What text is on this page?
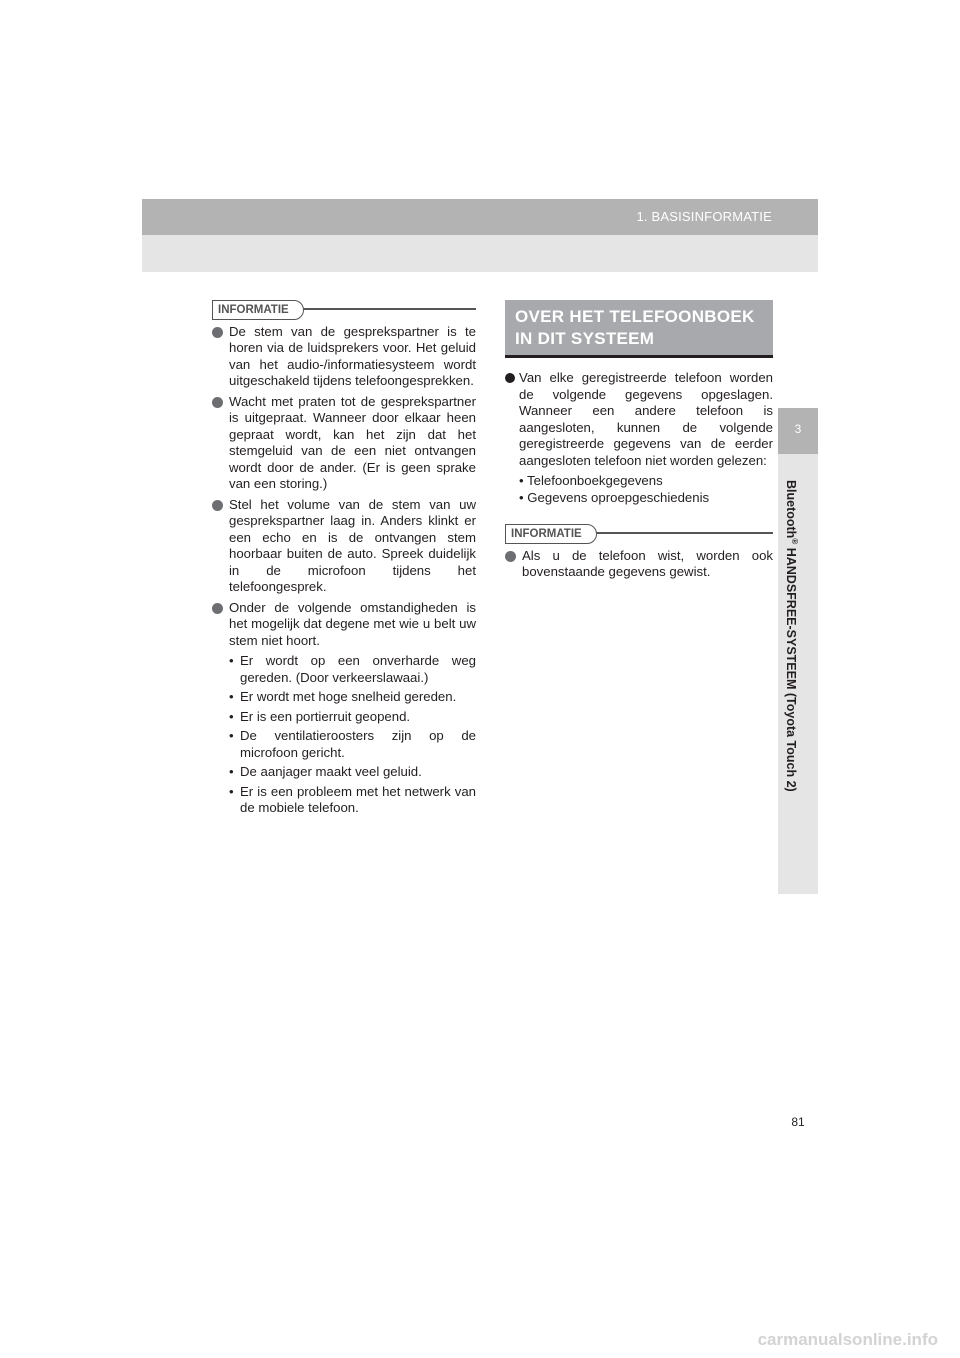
1. BASISINFORMATIE
3
Bluetooth® HANDSFREE-SYSTEEM (Toyota Touch 2)
INFORMATIE
De stem van de gesprekspartner is te horen via de luidsprekers voor. Het geluid van het audio-/informatiesysteem wordt uitgeschakeld tijdens telefoongesprekken.
Wacht met praten tot de gesprekspartner is uitgepraat. Wanneer door elkaar heen gepraat wordt, kan het zijn dat het stemgeluid van de een niet ontvangen wordt door de ander. (Er is geen sprake van een storing.)
Stel het volume van de stem van uw gesprekspartner laag in. Anders klinkt er een echo en is de ontvangen stem hoorbaar buiten de auto. Spreek duidelijk in de microfoon tijdens het telefoongesprek.
Onder de volgende omstandigheden is het mogelijk dat degene met wie u belt uw stem niet hoort.
• Er wordt op een onverharde weg gereden. (Door verkeerslawaai.)
• Er wordt met hoge snelheid gereden.
• Er is een portierruit geopend.
• De ventilatieroosters zijn op de microfoon gericht.
• De aanjager maakt veel geluid.
• Er is een probleem met het netwerk van de mobiele telefoon.
OVER HET TELEFOONBOEK IN DIT SYSTEEM
Van elke geregistreerde telefoon worden de volgende gegevens opgeslagen. Wanneer een andere telefoon is aangesloten, kunnen de volgende geregistreerde gegevens van de eerder aangesloten telefoon niet worden gelezen:
• Telefoonboekgegevens
• Gegevens oproepgeschiedenis
INFORMATIE
Als u de telefoon wist, worden ook bovenstaande gegevens gewist.
81
carmanualsonline.info
